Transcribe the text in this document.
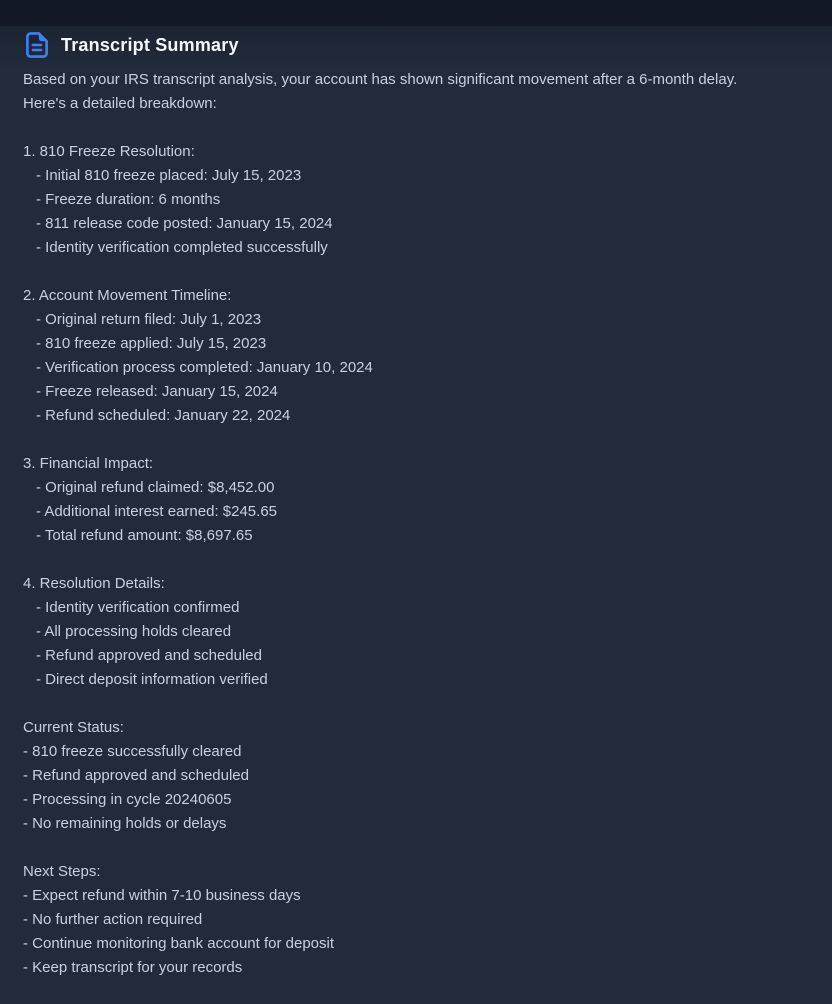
Transcript Summary

Based on your IRS transcript analysis, your account has shown significant movement after a 6-month delay. Here's a detailed breakdown:

1. 810 Freeze Resolution:
- Initial 810 freeze placed: July 15, 2023
- Freeze duration: 6 months
- 811 release code posted: January 15, 2024
- Identity verification completed successfully
2. Account Movement Timeline:
- Original return filed: July 1, 2023
- 810 freeze applied: July 15, 2023
- Verification process completed: January 10, 2024
- Freeze released: January 15, 2024
- Refund scheduled: January 22, 2024
3. Financial Impact:
- Original refund claimed: $8,452.00
- Additional interest earned: $245.65
- Total refund amount: $8,697.65
4. Resolution Details:
- Identity verification confirmed
- All processing holds cleared
- Refund approved and scheduled
- Direct deposit information verified
Current Status:
- 810 freeze successfully cleared
- Refund approved and scheduled
- Processing in cycle 20240605
- No remaining holds or delays
Next Steps:
- Expect refund within 7-10 business days
- No further action required
- Continue monitoring bank account for deposit
- Keep transcript for your records
